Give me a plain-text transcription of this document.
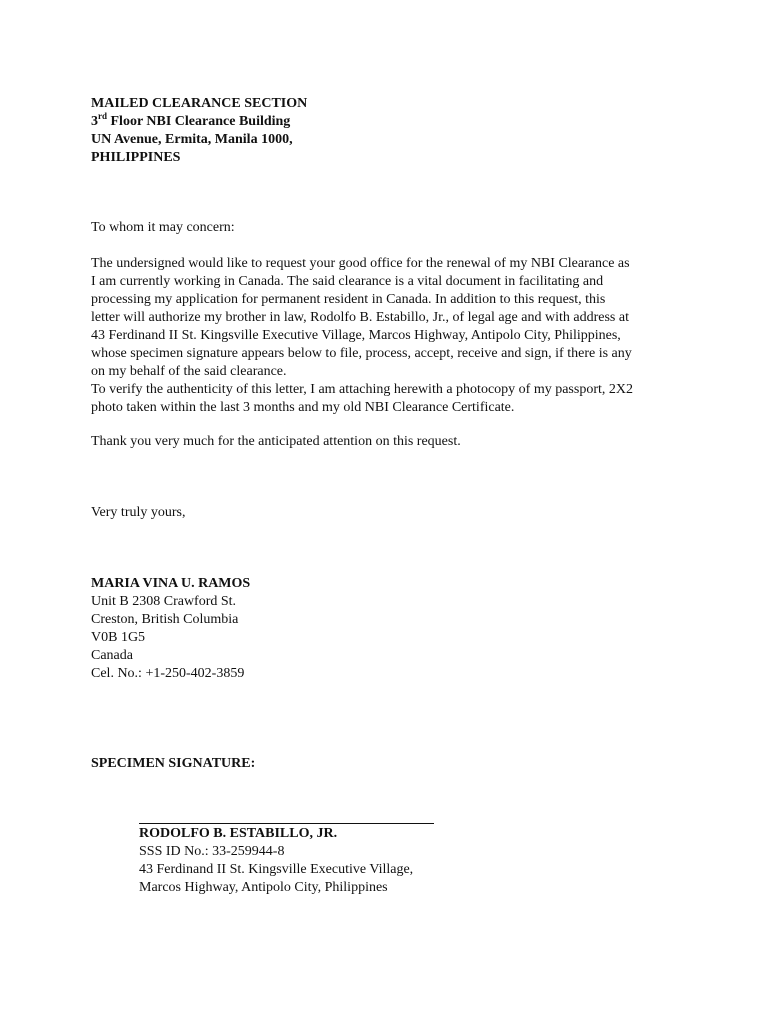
MAILED CLEARANCE SECTION
3rd Floor NBI Clearance Building
UN Avenue, Ermita, Manila 1000,
PHILIPPINES
To whom it may concern:
The undersigned would like to request your good office for the renewal of my NBI Clearance as
I am currently working in Canada. The said clearance is a vital document in facilitating and
processing my application for permanent resident in Canada. In addition to this request, this
letter will authorize my brother in law, Rodolfo B. Estabillo, Jr., of legal age and with address at
43 Ferdinand II St. Kingsville Executive Village, Marcos Highway, Antipolo City, Philippines,
whose specimen signature appears below to file, process, accept, receive and sign, if there is any
on my behalf of the said clearance.
To verify the authenticity of this letter, I am attaching herewith a photocopy of my passport, 2X2
photo taken within the last 3 months and my old NBI Clearance Certificate.
Thank you very much for the anticipated attention on this request.
Very truly yours,
MARIA VINA U. RAMOS
Unit B 2308 Crawford St.
Creston, British Columbia
V0B 1G5
Canada
Cel. No.: +1-250-402-3859
SPECIMEN SIGNATURE:
RODOLFO B. ESTABILLO, JR.
SSS ID No.: 33-259944-8
43 Ferdinand II St. Kingsville Executive Village,
Marcos Highway, Antipolo City, Philippines
